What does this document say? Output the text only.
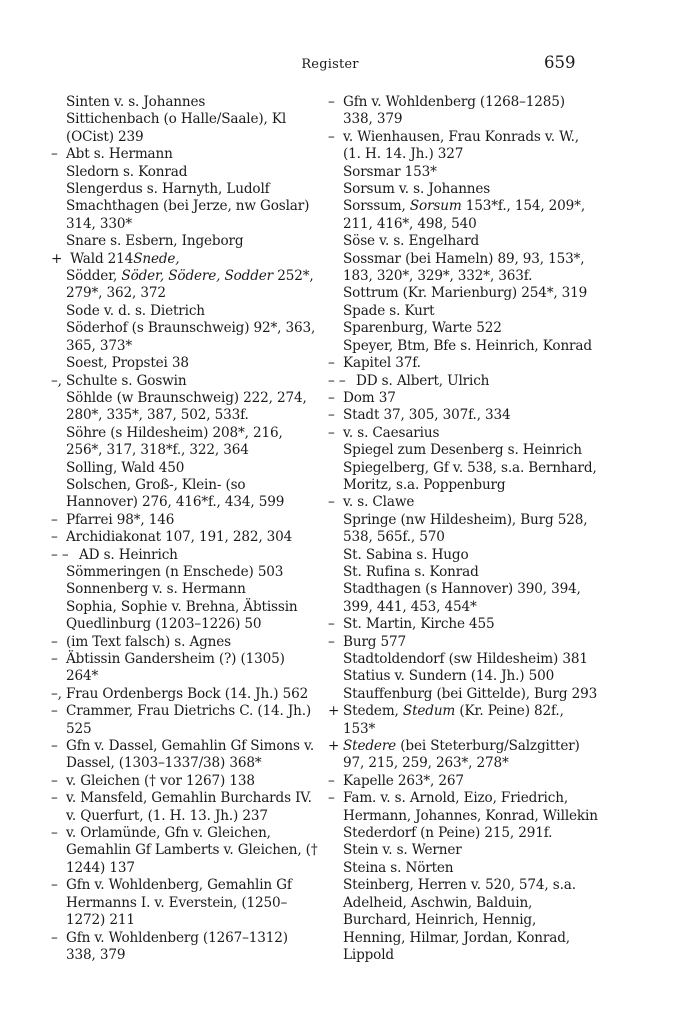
Register	659
Sinten v. s. Johannes
Sittichenbach (o Halle/Saale), Kl (OCist) 239
– Abt s. Hermann
Sledorn s. Konrad
Slengerdus s. Harnyth, Ludolf
Smachthagen (bei Jerze, nw Goslar) 314, 330*
Snare s. Esbern, Ingeborg
+ Wald 214Snede,
Södder, Söder, Södere, Sodder 252*, 279*, 362, 372
Sode v. d. s. Dietrich
Söderhof (s Braunschweig) 92*, 363, 365, 373*
Soest, Propstei 38
–, Schulte s. Goswin
Söhlde (w Braunschweig) 222, 274, 280*, 335*, 387, 502, 533f.
Söhre (s Hildesheim) 208*, 216, 256*, 317, 318*f., 322, 364
Solling, Wald 450
Solschen, Groß-, Klein- (so Hannover) 276, 416*f., 434, 599
– Pfarrei 98*, 146
– Archidiakonat 107, 191, 282, 304
– – AD s. Heinrich
Sömmeringen (n Enschede) 503
Sonnenberg v. s. Hermann
Sophia, Sophie v. Brehna, Äbtissin Quedlinburg (1203–1226) 50
– (im Text falsch) s. Agnes
– Äbtissin Gandersheim (?) (1305) 264*
–, Frau Ordenbergs Bock (14. Jh.) 562
– Crammer, Frau Dietrichs C. (14. Jh.) 525
– Gfn v. Dassel, Gemahlin Gf Simons v. Dassel, (1303–1337/38) 368*
– v. Gleichen († vor 1267) 138
– v. Mansfeld, Gemahlin Burchards IV. v. Querfurt, (1. H. 13. Jh.) 237
– v. Orlamünde, Gfn v. Gleichen, Gemahlin Gf Lamberts v. Gleichen, († 1244) 137
– Gfn v. Wohldenberg, Gemahlin Gf Hermanns I. v. Everstein, (1250–1272) 211
– Gfn v. Wohldenberg (1267–1312) 338, 379
– Gfn v. Wohldenberg (1268–1285) 338, 379
– v. Wienhausen, Frau Konrads v. W., (1. H. 14. Jh.) 327
Sorsmar 153*
Sorsum v. s. Johannes
Sorssum, Sorsum 153*f., 154, 209*, 211, 416*, 498, 540
Söse v. s. Engelhard
Sossmar (bei Hameln) 89, 93, 153*, 183, 320*, 329*, 332*, 363f.
Sottrum (Kr. Marienburg) 254*, 319
Spade s. Kurt
Sparenburg, Warte 522
Speyer, Btm, Bfe s. Heinrich, Konrad
– Kapitel 37f.
– – DD s. Albert, Ulrich
– Dom 37
– Stadt 37, 305, 307f., 334
– v. s. Caesarius
Spiegel zum Desenberg s. Heinrich
Spiegelberg, Gf v. 538, s.a. Bernhard, Moritz, s.a. Poppenburg
– v. s. Clawe
Springe (nw Hildesheim), Burg 528, 538, 565f., 570
St. Sabina s. Hugo
St. Rufina s. Konrad
Stadthagen (s Hannover) 390, 394, 399, 441, 453, 454*
– St. Martin, Kirche 455
– Burg 577
Stadtoldendorf (sw Hildesheim) 381
Statius v. Sundern (14. Jh.) 500
Stauffenburg (bei Gittelde), Burg 293
+ Stedem, Stedum (Kr. Peine) 82f., 153*
+ Stedere (bei Steterburg/Salzgitter) 97, 215, 259, 263*, 278*
– Kapelle 263*, 267
– Fam. v. s. Arnold, Eizo, Friedrich, Hermann, Johannes, Konrad, Willekin
Stederdorf (n Peine) 215, 291f.
Stein v. s. Werner
Steina s. Nörten
Steinberg, Herren v. 520, 574, s.a. Adelheid, Aschwin, Balduin, Burchard, Heinrich, Hennig, Henning, Hilmar, Jordan, Konrad, Lippold
